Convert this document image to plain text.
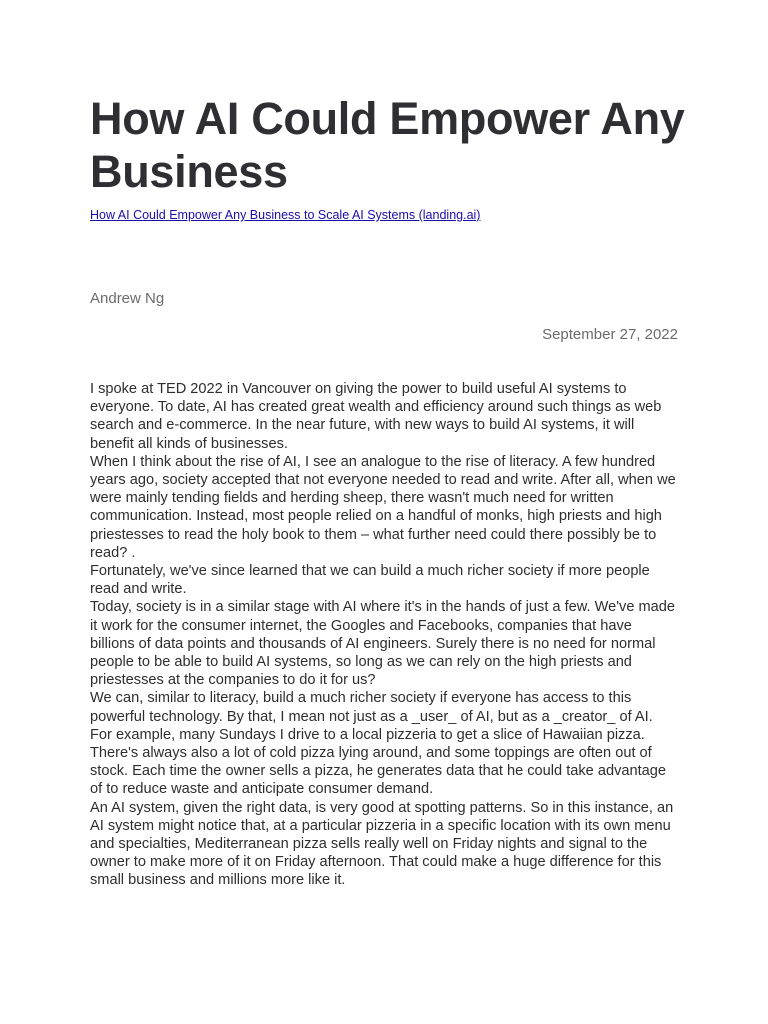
How AI Could Empower Any Business
How AI Could Empower Any Business to Scale AI Systems (landing.ai)
Andrew Ng
September 27, 2022

I spoke at TED 2022 in Vancouver on giving the power to build useful AI systems to everyone. To date, AI has created great wealth and efficiency around such things as web search and e-commerce. In the near future, with new ways to build AI systems, it will benefit all kinds of businesses.

When I think about the rise of AI, I see an analogue to the rise of literacy. A few hundred years ago, society accepted that not everyone needed to read and write. After all, when we were mainly tending fields and herding sheep, there wasn't much need for written communication. Instead, most people relied on a handful of monks, high priests and high priestesses to read the holy book to them – what further need could there possibly be to read? .

Fortunately, we've since learned that we can build a much richer society if more people read and write.

Today, society is in a similar stage with AI where it's in the hands of just a few. We've made it work for the consumer internet, the Googles and Facebooks, companies that have billions of data points and thousands of AI engineers. Surely there is no need for normal people to be able to build AI systems, so long as we can rely on the high priests and priestesses at the companies to do it for us?

We can, similar to literacy, build a much richer society if everyone has access to this powerful technology. By that, I mean not just as a _user_ of AI, but as a _creator_ of AI.

For example, many Sundays I drive to a local pizzeria to get a slice of Hawaiian pizza. There's always also a lot of cold pizza lying around, and some toppings are often out of stock. Each time the owner sells a pizza, he generates data that he could take advantage of to reduce waste and anticipate consumer demand.

An AI system, given the right data, is very good at spotting patterns. So in this instance, an AI system might notice that, at a particular pizzeria in a specific location with its own menu and specialties, Mediterranean pizza sells really well on Friday nights and signal to the owner to make more of it on Friday afternoon. That could make a huge difference for this small business and millions more like it.
